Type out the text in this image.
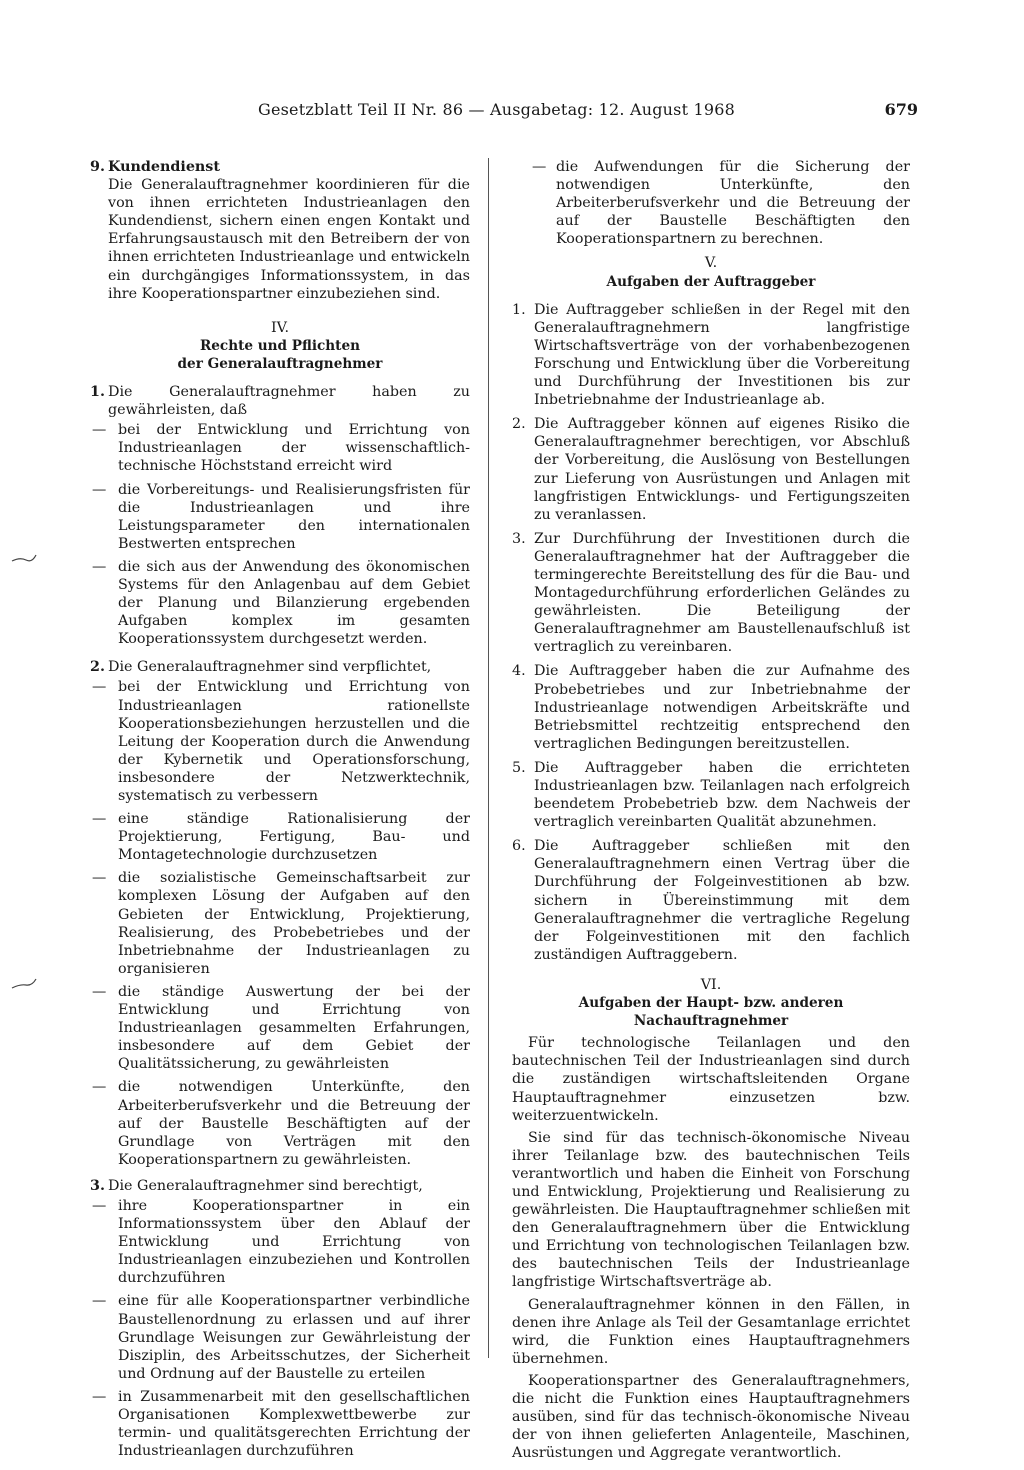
Gesetzblatt Teil II Nr. 86 — Ausgabetag: 12. August 1968	679
9. Kundendienst

Die Generalauftragnehmer koordinieren für die von ihnen errichteten Industrieanlagen den Kundendienst, sichern einen engen Kontakt und Erfahrungsaustausch mit den Betreibern der von ihnen errichteten Industrieanlage und entwickeln ein durchgängiges Informationssystem, in das ihre Kooperationspartner einzubeziehen sind.

IV.
Rechte und Pflichten
der Generalauftragnehmer
1. Die Generalauftragnehmer haben zu gewährleisten, daß
— bei der Entwicklung und Errichtung von Industrieanlagen der wissenschaftlich-technische Höchststand erreicht wird
— die Vorbereitungs- und Realisierungsfristen für die Industrieanlagen und ihre Leistungsparameter den internationalen Bestwerten entsprechen
— die sich aus der Anwendung des ökonomischen Systems für den Anlagenbau auf dem Gebiet der Planung und Bilanzierung ergebenden Aufgaben komplex im gesamten Kooperationssystem durchgesetzt werden.
2. Die Generalauftragnehmer sind verpflichtet,
— bei der Entwicklung und Errichtung von Industrieanlagen rationellste Kooperationsbeziehungen herzustellen und die Leitung der Kooperation durch die Anwendung der Kybernetik und Operationsforschung, insbesondere der Netzwerktechnik, systematisch zu verbessern
— eine ständige Rationalisierung der Projektierung, Fertigung, Bau- und Montagetechnologie durchzusetzen
— die sozialistische Gemeinschaftsarbeit zur komplexen Lösung der Aufgaben auf den Gebieten der Entwicklung, Projektierung, Realisierung, des Probebetriebes und der Inbetriebnahme der Industrieanlagen zu organisieren
— die ständige Auswertung der bei der Entwicklung und Errichtung von Industrieanlagen gesammelten Erfahrungen, insbesondere auf dem Gebiet der Qualitätssicherung, zu gewährleisten
— die notwendigen Unterkünfte, den Arbeiterberufsverkehr und die Betreuung der auf der Baustelle Beschäftigten auf der Grundlage von Verträgen mit den Kooperationspartnern zu gewährleisten.
3. Die Generalauftragnehmer sind berechtigt,
— ihre Kooperationspartner in ein Informationssystem über den Ablauf der Entwicklung und Errichtung von Industrieanlagen einzubeziehen und Kontrollen durchzuführen
— eine für alle Kooperationspartner verbindliche Baustellenordnung zu erlassen und auf ihrer Grundlage Weisungen zur Gewährleistung der Disziplin, des Arbeitsschutzes, der Sicherheit und Ordnung auf der Baustelle zu erteilen
— in Zusammenarbeit mit den gesellschaftlichen Organisationen Komplexwettbewerbe zur termin- und qualitätsgerechten Errichtung der Industrieanlagen durchzuführen
— die Aufwendungen für die Sicherung der notwendigen Unterkünfte, den Arbeiterberufsverkehr und die Betreuung der auf der Baustelle Beschäftigten den Kooperationspartnern zu berechnen.
V.
Aufgaben der Auftraggeber
1. Die Auftraggeber schließen in der Regel mit den Generalauftragnehmern langfristige Wirtschaftsverträge von der vorhabenbezogenen Forschung und Entwicklung über die Vorbereitung und Durchführung der Investitionen bis zur Inbetriebnahme der Industrieanlage ab.
2. Die Auftraggeber können auf eigenes Risiko die Generalauftragnehmer berechtigen, vor Abschluß der Vorbereitung, die Auslösung von Bestellungen zur Lieferung von Ausrüstungen und Anlagen mit langfristigen Entwicklungs- und Fertigungszeiten zu veranlassen.
3. Zur Durchführung der Investitionen durch die Generalauftragnehmer hat der Auftraggeber die termingerechte Bereitstellung des für die Bau- und Montagedurchführung erforderlichen Geländes zu gewährleisten. Die Beteiligung der Generalauftragnehmer am Baustellenaufschluß ist vertraglich zu vereinbaren.
4. Die Auftraggeber haben die zur Aufnahme des Probebetriebes und zur Inbetriebnahme der Industrieanlage notwendigen Arbeitskräfte und Betriebsmittel rechtzeitig entsprechend den vertraglichen Bedingungen bereitzustellen.
5. Die Auftraggeber haben die errichteten Industrieanlagen bzw. Teilanlagen nach erfolgreich beendetem Probebetrieb bzw. dem Nachweis der vertraglich vereinbarten Qualität abzunehmen.
6. Die Auftraggeber schließen mit den Generalauftragnehmern einen Vertrag über die Durchführung der Folgeinvestitionen ab bzw. sichern in Übereinstimmung mit dem Generalauftragnehmer die vertragliche Regelung der Folgeinvestitionen mit den fachlich zuständigen Auftraggebern.
VI.
Aufgaben der Haupt- bzw. anderen
Nachauftragnehmer

Für technologische Teilanlagen und den bautechnischen Teil der Industrieanlagen sind durch die zuständigen wirtschaftsleitenden Organe Hauptauftragnehmer einzusetzen bzw. weiterzuentwickeln.

Sie sind für das technisch-ökonomische Niveau ihrer Teilanlage bzw. des bautechnischen Teils verantwortlich und haben die Einheit von Forschung und Entwicklung, Projektierung und Realisierung zu gewährleisten. Die Hauptauftragnehmer schließen mit den Generalauftragnehmern über die Entwicklung und Errichtung von technologischen Teilanlagen bzw. des bautechnischen Teils der Industrieanlage langfristige Wirtschaftsverträge ab.

Generalauftragnehmer können in den Fällen, in denen ihre Anlage als Teil der Gesamtanlage errichtet wird, die Funktion eines Hauptauftragnehmers übernehmen.

Kooperationspartner des Generalauftragnehmers, die nicht die Funktion eines Hauptauftragnehmers ausüben, sind für das technisch-ökonomische Niveau der von ihnen gelieferten Anlagenteile, Maschinen, Ausrüstungen und Aggregate verantwortlich.
